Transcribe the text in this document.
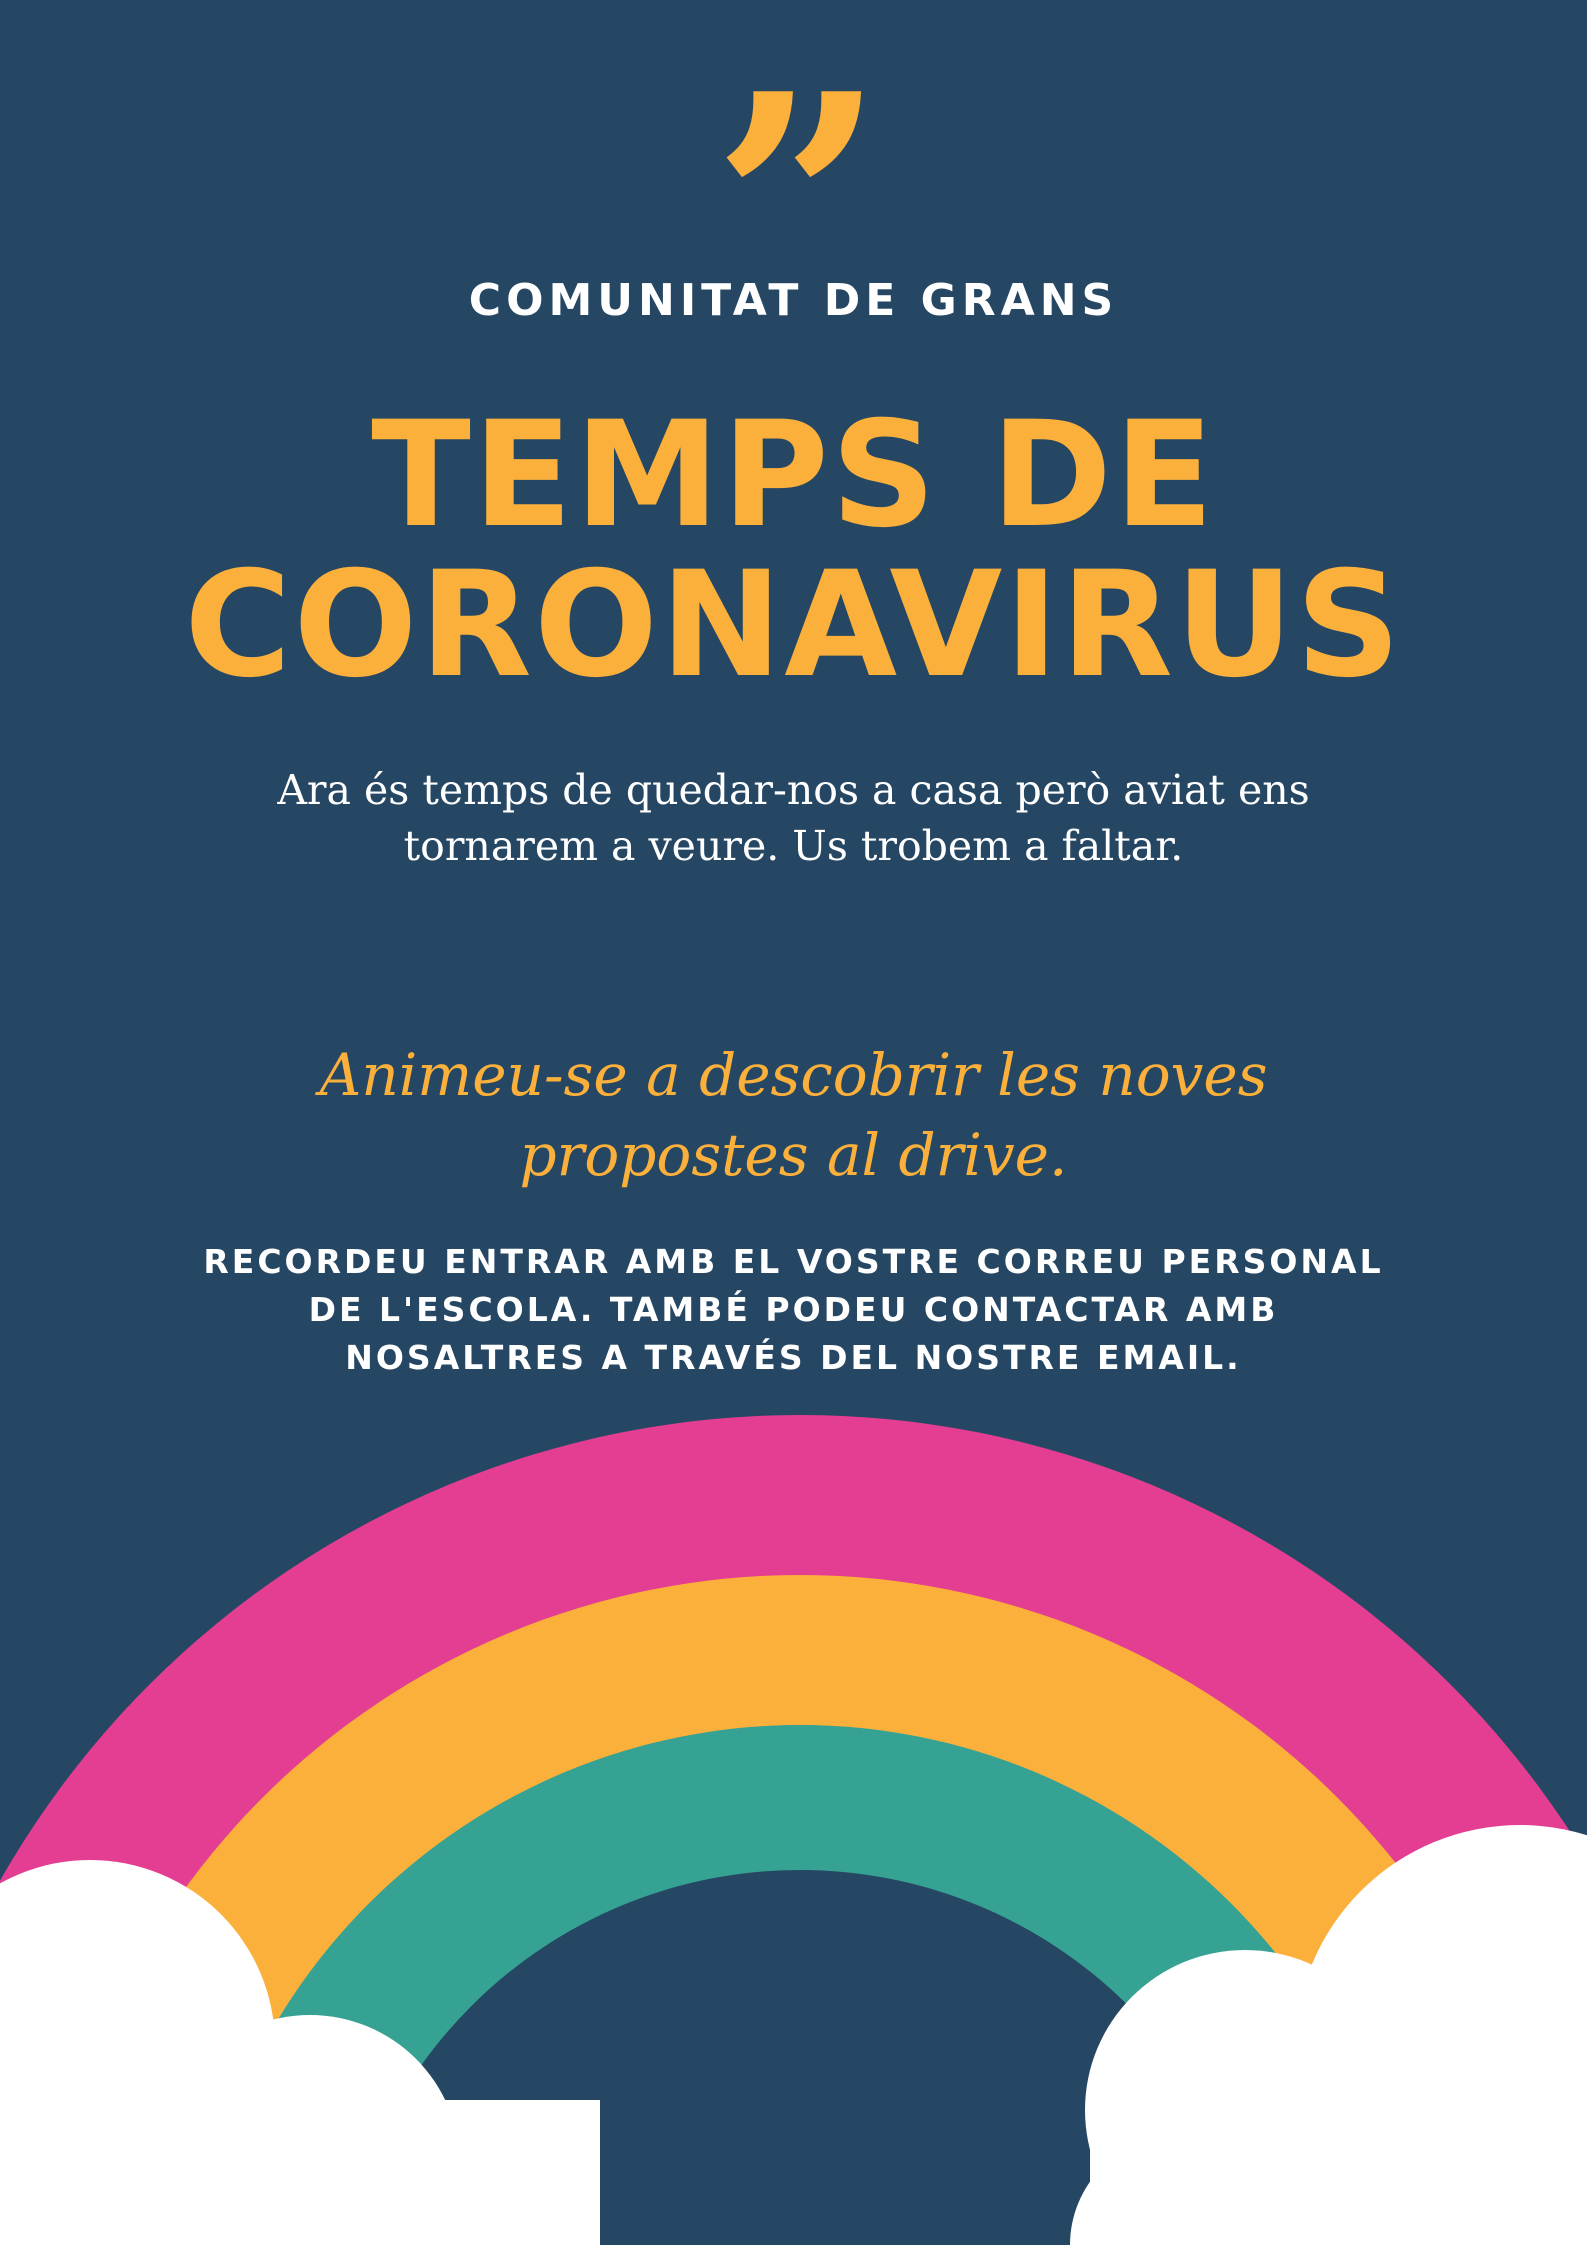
”
COMUNITAT DE GRANS
TEMPS DE
CORONAVIRUS
Ara és temps de quedar-nos a casa però aviat ens
tornarem a veure. Us trobem a faltar.
Animeu-se a descobrir les noves
propostes al drive.
RECORDEU ENTRAR AMB EL VOSTRE CORREU PERSONAL
DE L'ESCOLA. TAMBÉ PODEU CONTACTAR AMB
NOSALTRES A TRAVÉS DEL NOSTRE EMAIL.
